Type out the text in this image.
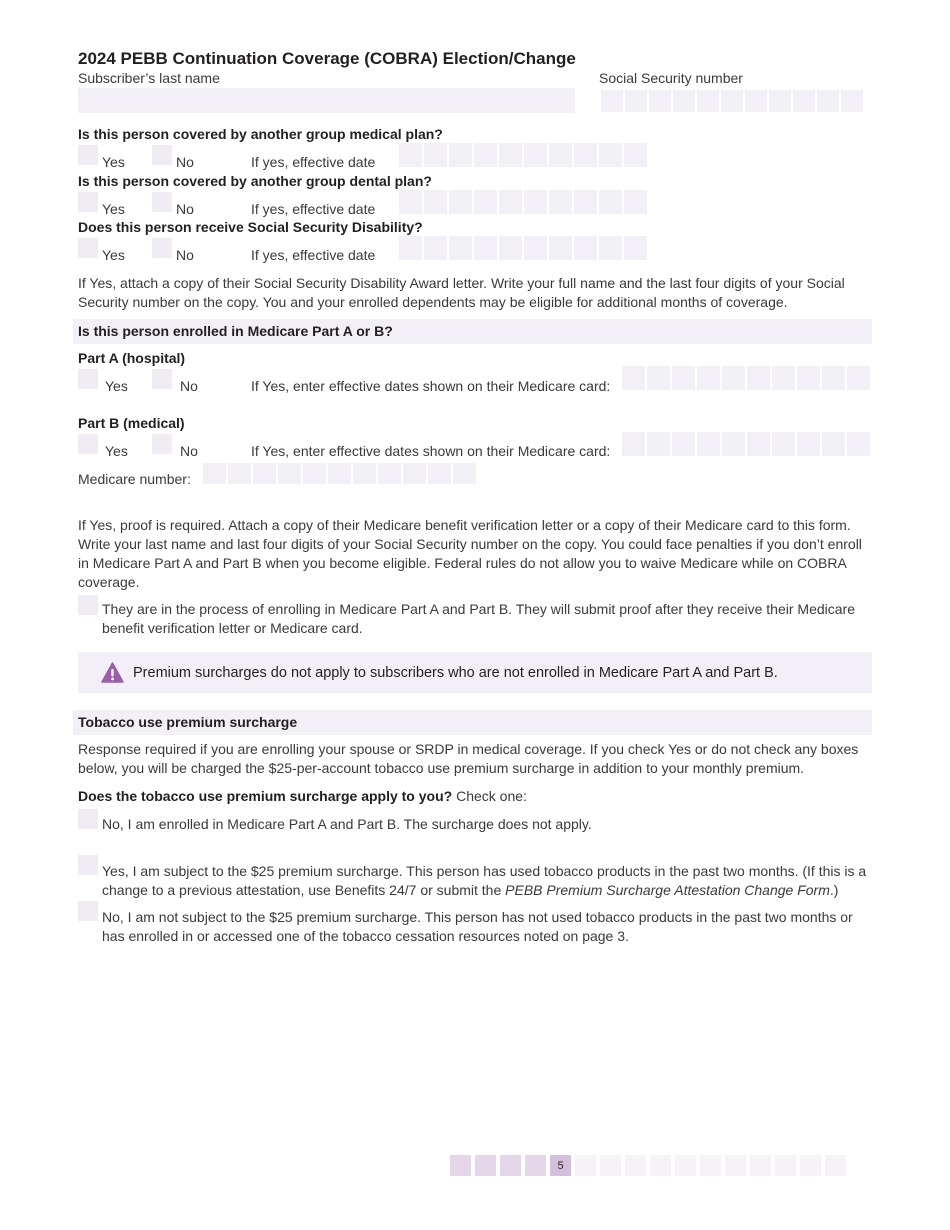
2024 PEBB Continuation Coverage (COBRA) Election/Change
Subscriber’s last name	Social Security number
Is this person covered by another group medical plan?
Yes	No	If yes, effective date
Is this person covered by another group dental plan?
Yes	No	If yes, effective date
Does this person receive Social Security Disability?
Yes	No	If yes, effective date
If Yes, attach a copy of their Social Security Disability Award letter. Write your full name and the last four digits of your Social Security number on the copy. You and your enrolled dependents may be eligible for additional months of coverage.
Is this person enrolled in Medicare Part A or B?
Part A (hospital)
Yes	No	If Yes, enter effective dates shown on their Medicare card:
Part B (medical)
Yes	No	If Yes, enter effective dates shown on their Medicare card:
Medicare number:
If Yes, proof is required. Attach a copy of their Medicare benefit verification letter or a copy of their Medicare card to this form. Write your last name and last four digits of your Social Security number on the copy. You could face penalties if you don’t enroll in Medicare Part A and Part B when you become eligible. Federal rules do not allow you to waive Medicare while on COBRA coverage.
They are in the process of enrolling in Medicare Part A and Part B. They will submit proof after they receive their Medicare benefit verification letter or Medicare card.
Premium surcharges do not apply to subscribers who are not enrolled in Medicare Part A and Part B.
Tobacco use premium surcharge
Response required if you are enrolling your spouse or SRDP in medical coverage. If you check Yes or do not check any boxes below, you will be charged the $25-per-account tobacco use premium surcharge in addition to your monthly premium.
Does the tobacco use premium surcharge apply to you? Check one:
No, I am enrolled in Medicare Part A and Part B. The surcharge does not apply.
Yes, I am subject to the $25 premium surcharge. This person has used tobacco products in the past two months. (If this is a change to a previous attestation, use Benefits 24/7 or submit the PEBB Premium Surcharge Attestation Change Form.)
No, I am not subject to the $25 premium surcharge. This person has not used tobacco products in the past two months or has enrolled in or accessed one of the tobacco cessation resources noted on page 3.
5
